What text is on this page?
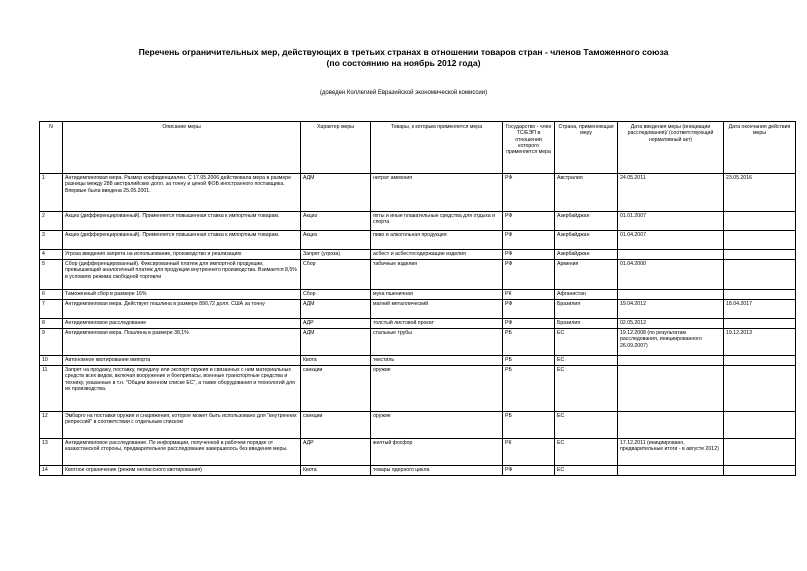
Перечень ограничительных мер, действующих в третьих странах в отношении товаров стран - членов Таможенного союза
(по состоянию на ноябрь 2012 года)
(доведен Коллегией Евразийской экономической комиссии)
N	Описание меры	Характер меры	Товары, к которым применяется мера	Государство - член ТС/ЕЭП в отношении которого применяется мера	Страна, применяющая меру	Дата введения меры (инициации расследования)/ (соответствующий нормативный акт)	Дата окончания действия меры
1	Антидемпинговая мера. Размер конфиденциален. С 17.05.2006 действовала мера в размере разницы между 288 австралийских долл. за тонну и ценой ФОБ иностранного поставщика. Впервые была введена 25.05.2001.	АДМ	нитрат аммония	РФ	Австралия	24.05.2011	23.05.2016
2	Акциз (дифференцированный). Применяется повышенная ставка к импортным товарам.	Акциз	яхты и иные плавательные средства для отдыха и спорта	РФ	Азербайджан	01.01.2007	
3	Акциз (дифференцированный). Применяется повышенная ставка к импортным товарам.	Акциз	пиво и алкогольная продукция	РФ	Азербайджан	01.04.2007	
4	Угроза введения запрета на использование, производство и реализацию	Запрет (угроза)	асбест и асбестосодержащие изделия	РФ	Азербайджан		
5	Сбор (дифференцированный). Фиксированный платеж для импортной продукции, превышающий аналогичный платеж для продукции внутреннего производства. Взимается 8,5% в условиях режима свободной торговли	Сбор	табачные изделия	РФ	Армения	01.04.2000	
6	Таможенный сбор в размере 16%	Сбор	мука пшеничная	РК	Афганистан		
7	Антидемпинговая мера. Действует пошлина в размере 890,72 долл. США за тонну	АДМ	магний металлический	РФ	Бразилия	19.04.2012	18.04.2017
8	Антидемпинговое расследование	АДР	толстый листовой прокат	РФ	Бразилия	02.05.2012	
9	Антидемпинговая мера. Пошлина в размере 38,1%	АДМ	стальные трубы	РБ	ЕС	19.12.2008 (по результатам расследования, инициированного 26.09.2007)	19.12.2013
10	Автономное квотирование импорта	Квота	текстиль	РБ	ЕС		
11	Запрет на продажу, поставку, передачу или экспорт оружия и связанных с ним материальных средств всех видов, включая вооружение и боеприпасы, военные транспортные средства и технику, указанные в т.н. "Общем военном списке ЕС", а также оборудования и технологий для их производства.	санкции	оружие	РБ	ЕС		
12	Эмбарго на поставки оружия и снаряжения, которое может быть использовано для "внутренних репрессий" в соответствии с отдельным списком	санкции	оружие	РБ	ЕС		
13	Антидемпинговое расследование. По информации, полученной в рабочем порядке от казахстанской стороны, предварительное расследование завершилось без введения меры.	АДР	желтый фосфор	РК	ЕС	17.12.2011 (инициировано, предварительные итоги - в августе 2012)	
14	Квотное ограничение (режим неглассного квотирования)	Квота	товары ядерного цикла	РФ	ЕС		
